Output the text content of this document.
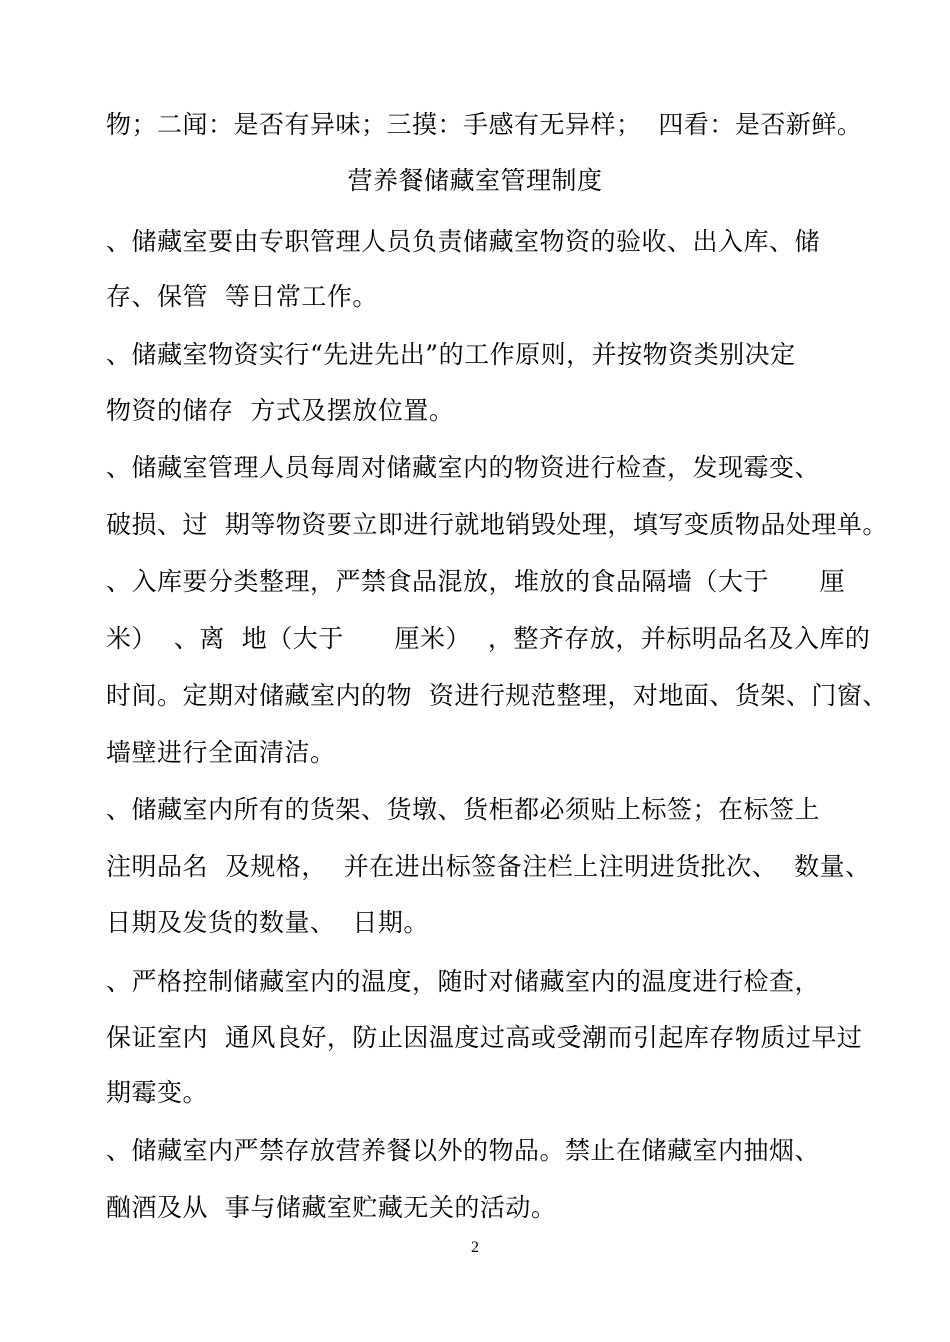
物；二闻：是否有异味；三摸：手感有无异样；  四看：是否新鲜。
营养餐储藏室管理制度
、储藏室要由专职管理人员负责储藏室物资的验收、出入库、储
存、保管  等日常工作。
、储藏室物资实行“先进先出”的工作原则，并按物资类别决定
物资的储存  方式及摆放位置。
、储藏室管理人员每周对储藏室内的物资进行检查，发现霉变、
破损、过  期等物资要立即进行就地销毁处理，填写变质物品处理单。
、入库要分类整理，严禁食品混放，堆放的食品隔墙（大于      厘
米）  、离  地（大于      厘米）  ，整齐存放，并标明品名及入库的
时间。定期对储藏室内的物  资进行规范整理，对地面、货架、门窗、
墙壁进行全面清洁。
、储藏室内所有的货架、货墩、货柜都必须贴上标签；在标签上
注明品名  及规格，  并在进出标签备注栏上注明进货批次、  数量、
日期及发货的数量、  日期。
、严格控制储藏室内的温度，随时对储藏室内的温度进行检查，
保证室内  通风良好，防止因温度过高或受潮而引起库存物质过早过
期霉变。
、储藏室内严禁存放营养餐以外的物品。禁止在储藏室内抽烟、
酗酒及从  事与储藏室贮藏无关的活动。
2
